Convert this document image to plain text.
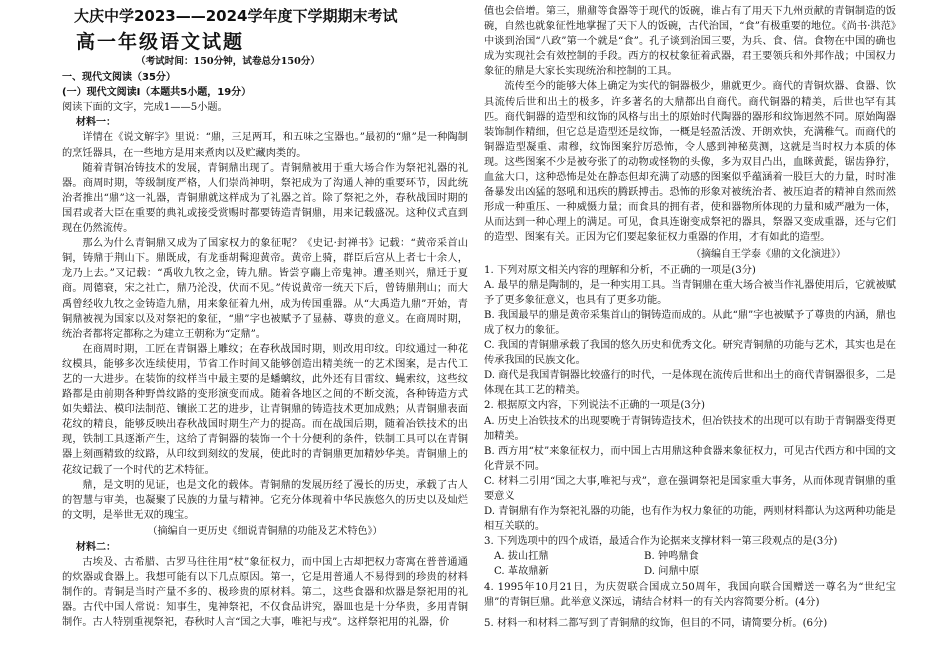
大庆中学2023——2024学年度下学期期末考试
高一年级语文试题
（考试时间：150分钟，试卷总分150分）

一、现代文阅读（35分）

(一）现代文阅读Ⅰ（本题共5小题，19分）

阅读下面的文字，完成1——5小题。

材料一：

详情在《说文解字》里说：“鼎，三足两耳，和五味之宝器也。”最初的“鼎”是一种陶制的烹饪器具，在一些地方是用来煮肉以及贮藏肉类的。

随着青铜冶铸技术的发展，青铜鼎出现了。青铜鼎被用于重大场合作为祭祀礼器的礼器。商周时期，等级制度严格，人们崇尚神明，祭祀成为了沟通人神的重要环节，因此统治者推出“鼎”这一礼器，青铜鼎就这样成为了礼器之首。除了祭祀之外，春秋战国时期的国君或者大臣在重要的典礼或接受赏赐时都要铸造青铜鼎，用来记载盛况。这种仪式直到现在仍然流传。

那么为什么青铜鼎又成为了国家权力的象征呢？《史记·封禅书》记载：“黄帝采首山铜，铸鼎于荆山下。鼎既成，有龙垂胡髯迎黄帝。黄帝上骑，群臣后宫从上者七十余人，龙乃上去。”又记载：“禹收九牧之金，铸九鼎。皆尝亨鬺上帝鬼神。遭圣则兴，鼎迁于夏商。周德衰，宋之社亡，鼎乃沦没，伏而不见。”传说黄帝一统天下后，曾铸鼎荆山；而大禹曾经收九牧之金铸造九鼎，用来象征着九州，成为传国重器。从“大禹造九鼎”开始，青铜鼎被视为国家以及对祭祀的象征，“鼎”字也被赋予了显赫、尊贵的意义。在商周时期，统治者都将定都称之为建立王朝称为“定鼎”。

在商周时期，工匠在青铜器上雕纹；在春秋战国时期，则改用印纹。印纹通过一种花纹模具，能够多次连续使用，节省工作时间又能够创造出精美统一的艺术图案，是古代工艺的一大进步。在装饰的纹样当中最主要的是蟠螭纹，此外还有目雷纹、蝇索纹，这些纹路都是由前期各种野兽纹路的变形演变而成。随着各地区之间的不断交流，各种铸造方式如失蜡法、模印法制范、镶嵌工艺的进步，让青铜鼎的铸造技术更加成熟；从青铜鼎表面花纹的精良，能够反映出春秋战国时期生产力的提高。而在战国后期，随着冶铁技术的出现，铁制工具逐渐产生，这给了青铜器的装饰一个十分便利的条件，铁制工具可以在青铜器上刻画精致的纹路，从印纹到刻纹的发展，使此时的青铜鼎更加精妙华美。青铜鼎上的花纹记载了一个时代的艺术特征。

鼎，是文明的见证，也是文化的载体。青铜鼎的发展历经了漫长的历史，承载了古人的智慧与审美，也凝聚了民族的力量与精神。它充分体现着中华民族悠久的历史以及灿烂的文明，是举世无双的瑰宝。

（摘编自一更历史《细说青铜鼎的功能及艺术特色》）

材料二：

古埃及、古希腊、古罗马往往用“杖”象征权力，而中国上古却把权力寄寓在普普通通的炊器或食器上。我想可能有以下几点原因。第一，它是用普通人不易得到的珍贵的材料制作的。青铜是当时产量不多的、极珍贵的原材料。第二，这些食器和炊器是祭祀用的礼器。古代中国人常说：知事生，鬼神祭祀，不仅食品讲究，器皿也是十分华贵，多用青铜制作。古人特别重视祭祀，春秋时人言“国之大事，唯祀与戎”。这样祭祀用的礼器，价

值也会倍增。第三，鼎鼐等食器等于现代的饭碗，谁占有了用天下九州贡献的青铜制造的饭碗，自然也就象征性地掌握了天下人的饭碗，古代治国，“食”有极重要的地位。《尚书·洪范》中谈到治国“八政”第一个就是“食”。孔子谈到治国三要，为兵、食、信。食物在中国的确也成为实现社会有效控制的手段。西方的权杖象征着武器，君王要领兵和外邦作战；中国权力象征的鼎是大家长实现统治和控制的工具。

流传至今的能够大体上确定为实代的铜器极少，鼎就更少。商代的青铜炊器、食器、饮具流传后世和出土的极多，许多著名的大鼎都出自商代。商代铜器的精美，后世也罕有其匹。商代铜器的造型和纹饰的风格与出土的原始时代陶器的器形和纹饰迥然不同。原始陶器装饰制作精细，但它总是造型还是纹饰，一概是轻盈活泼、开朗欢快，充满稚气。而商代的铜器造型凝重、肃穆，纹饰图案狞厉恐怖，令人感到神秘莫测，这就是当时权力本质的体现。这些图案不少是被夸张了的动物或怪物的头像，多为双目凸出，血眯黄髭，锯齿狰狞，血盆大口，这种恐怖是处在静态但却充满了动感的图案似乎蕴涵着一股巨大的力量，时时准备暴发出凶猛的怒吼和迅疾的腾跃搏击。恐怖的形象对被统治者、被压迫者的精神自然而然形成一种重压、一种威慑力量；而食具的拥有者，使和器物所体现的力量和威严融为一体，从而达到一种心理上的满足。可见，食具连谢变成祭祀的器具，祭器又变成重器，还与它们的造型、图案有关。正因为它们要起象征权力重器的作用，才有如此的造型。

（摘编自王学泰《鼎的文化演进》）

1. 下列对原文相关内容的理解和分析，不正确的一项是(3分)

A. 最早的鼎是陶制的，是一种实用工具。当青铜鼎在重大场合被当作礼器使用后，它就被赋予了更多象征意义，也具有了更多功能。

B. 我国最早的鼎是黄帝采集首山的铜铸造而成的。从此“鼎”字也被赋予了尊贵的内涵，鼎也成了权力的象征。

C. 我国的青铜鼎承载了我国的悠久历史和优秀文化。研究青铜鼎的功能与艺术，其实也是在传承我国的民族文化。

D. 商代是我国青铜器比较盛行的时代，一是体现在流传后世和出土的商代青铜器很多，二是体现在其工艺的精美。

2. 根据原文内容，下列说法不正确的一项是(3分)

A. 历史上冶铁技术的出现要晚于青铜铸造技术，但冶铁技术的出现可以有助于青铜器变得更加精美。

B. 西方用“杖”来象征权力，而中国上古用鼎这种食器来象征权力，可见古代西方和中国的文化背景不同。

C. 材料二引用“国之大事,唯祀与戎”，意在强调祭祀是国家重大事务，从而体现青铜鼎的重要意义

D. 青铜鼎有作为祭祀礼器的功能，也有作为权力象征的功能，两则材料都认为这两种功能是相互关联的。

3. 下列选项中的四个成语，最适合作为论据来支撑材料一第三段观点的是(3分)

A. 拔山扛鼎	B. 钟鸣鼎食
C. 革故鼎新	D. 问鼎中原

4. 1995年10月21日，为庆贺联合国成立50周年，我国向联合国赠送一尊名为“世纪宝鼎”的青铜巨鼎。此举意义深远，请结合材料一的有关内容简要分析。(4分)

5. 材料一和材料二都写到了青铜鼎的纹饰，但目的不同，请简要分析。(6分)
